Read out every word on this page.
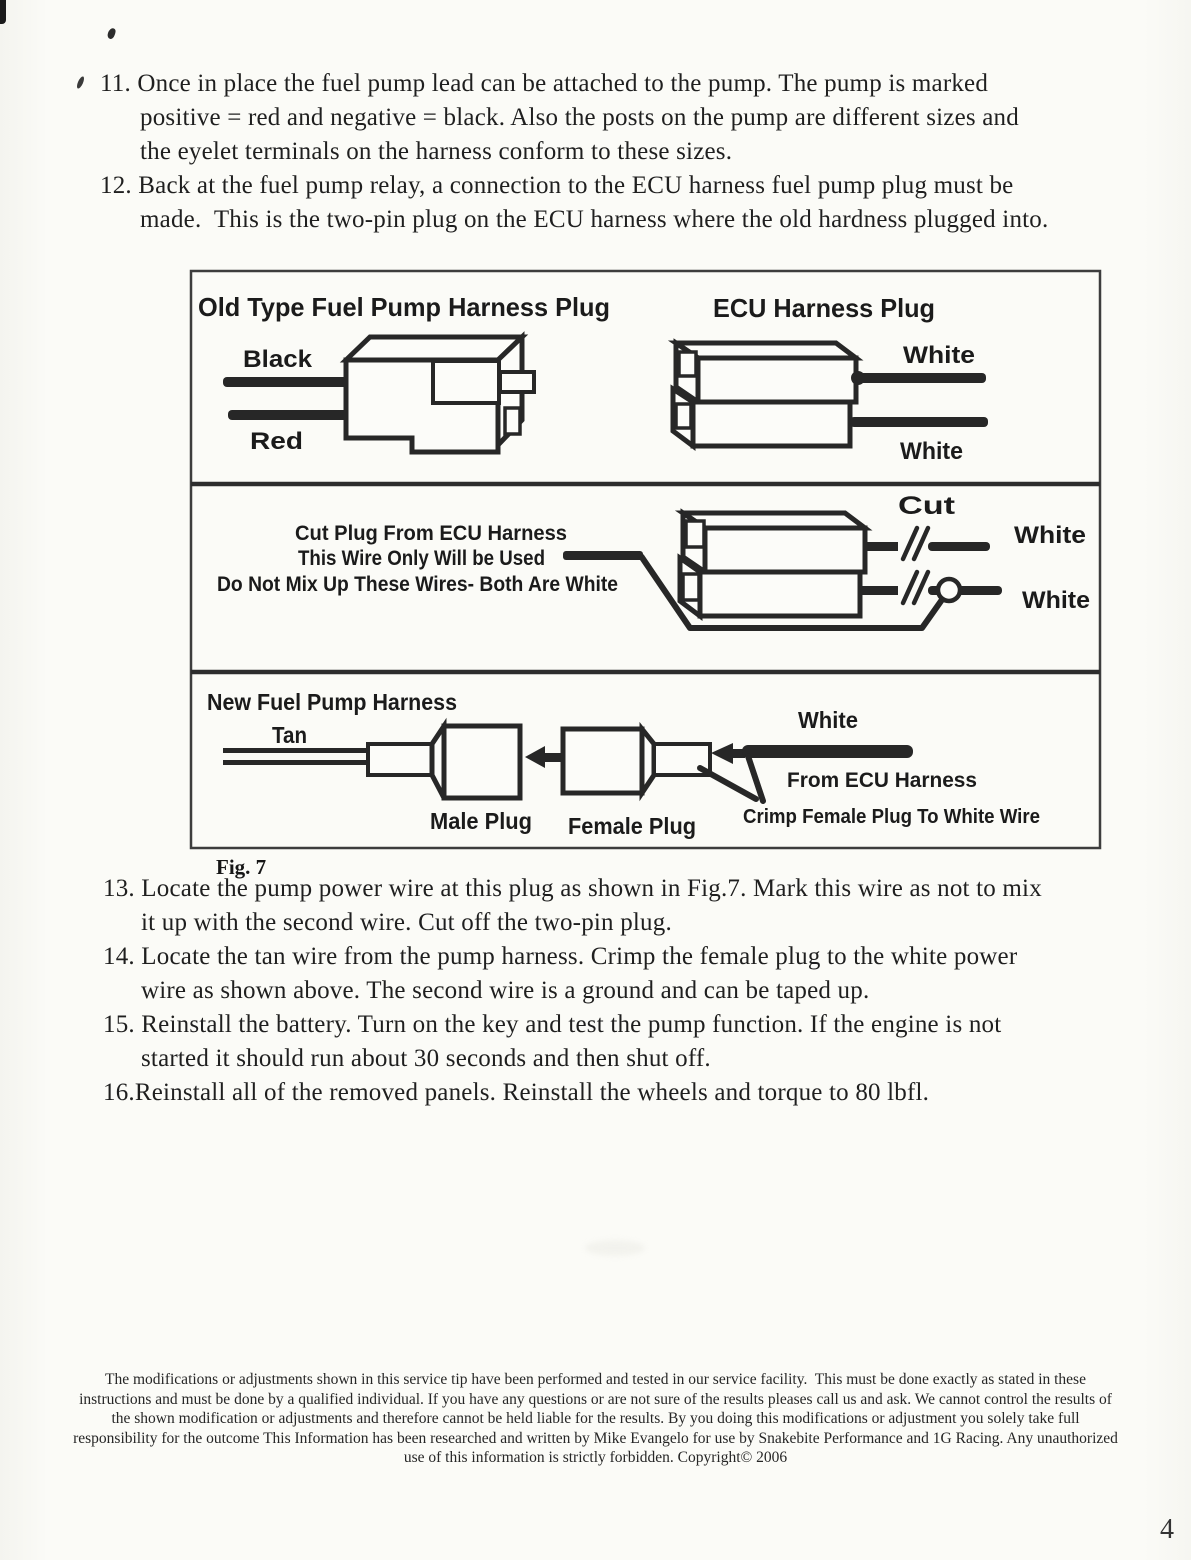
11. Once in place the fuel pump lead can be attached to the pump. The pump is marked
positive = red and negative = black. Also the posts on the pump are different sizes and
the eyelet terminals on the harness conform to these sizes.
12. Back at the fuel pump relay, a connection to the ECU harness fuel pump plug must be
made.  This is the two-pin plug on the ECU harness where the old hardness plugged into.
Old Type Fuel Pump Harness Plug	ECU Harness Plug
Black
Red
White
White
Cut
Cut Plug From ECU Harness
This Wire Only Will be Used
Do Not Mix Up These Wires- Both Are White
White
White
New Fuel Pump Harness
Tan
White
From ECU Harness
Crimp Female Plug To White Wire
Male Plug Female Plug
Fig. 7
13. Locate the pump power wire at this plug as shown in Fig.7. Mark this wire as not to mix
it up with the second wire. Cut off the two-pin plug.
14. Locate the tan wire from the pump harness. Crimp the female plug to the white power
wire as shown above. The second wire is a ground and can be taped up.
15. Reinstall the battery. Turn on the key and test the pump function. If the engine is not
started it should run about 30 seconds and then shut off.
16.Reinstall all of the removed panels. Reinstall the wheels and torque to 80 lbfl.
The modifications or adjustments shown in this service tip have been performed and tested in our service facility.  This must be done exactly as stated in these
instructions and must be done by a qualified individual. If you have any questions or are not sure of the results pleases call us and ask. We cannot control the results of
the shown modification or adjustments and therefore cannot be held liable for the results. By you doing this modifications or adjustment you solely take full
responsibility for the outcome This Information has been researched and written by Mike Evangelo for use by Snakebite Performance and 1G Racing. Any unauthorized
use of this information is strictly forbidden. Copyright© 2006
4
